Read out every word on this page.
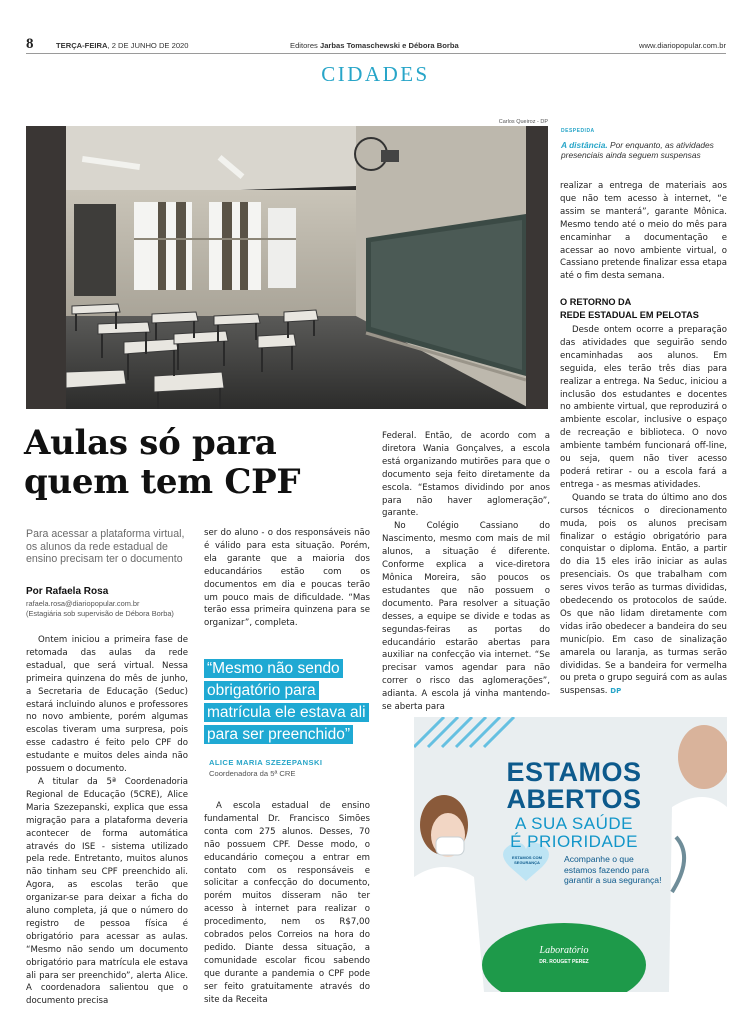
8	TERÇA-FEIRA, 2 DE JUNHO DE 2020	Editores Jarbas Tomaschewski e Débora Borba	www.diariopopular.com.br
CIDADES
Carlos Queiroz - DP
DESPEDIDA
A distância. Por enquanto, as atividades presenciais ainda seguem suspensas
Aulas só para
quem tem CPF
Para acessar a plataforma virtual, os alunos da rede estadual de ensino precisam ter o documento
Por Rafaela Rosa
rafaela.rosa@diariopopular.com.br
(Estagiária sob supervisão de Débora Borba)

Ontem iniciou a primeira fase de retomada das aulas da rede estadual, que será virtual. Nessa primeira quinzena do mês de junho, a Secretaria de Educação (Seduc) estará incluindo alunos e professores no novo ambiente, porém algumas escolas tiveram uma surpresa, pois esse cadastro é feito pelo CPF do estudante e muitos deles ainda não possuem o documento.

A titular da 5ª Coordenadoria Regional de Educação (5CRE), Alice Maria Szezepanski, explica que essa migração para a plataforma deveria acontecer de forma automática através do ISE - sistema utilizado pela rede. Entretanto, muitos alunos não tinham seu CPF preenchido ali. Agora, as escolas terão que organizar-se para deixar a ficha do aluno completa, já que o número do registro de pessoa física é obrigatório para acessar as aulas. “Mesmo não sendo um documento obrigatório para matrícula ele estava ali para ser preenchido”, alerta Alice. A coordenadora salientou que o documento precisa

ser do aluno - o dos responsáveis não é válido para esta situação. Porém, ela garante que a maioria dos educandários estão com os documentos em dia e poucas terão um pouco mais de dificuldade. “Mas terão essa primeira quinzena para se organizar”, completa.

“Mesmo não sendo obrigatório para matrícula ele estava ali para ser preenchido”
ALICE MARIA SZEZEPANSKI
Coordenadora da 5ª CRE

A escola estadual de ensino fundamental Dr. Francisco Simões conta com 275 alunos. Desses, 70 não possuem CPF. Desse modo, o educandário começou a entrar em contato com os responsáveis e solicitar a confecção do documento, porém muitos disseram não ter acesso à internet para realizar o procedimento, nem os R$7,00 cobrados pelos Correios na hora do pedido. Diante dessa situação, a comunidade escolar ficou sabendo que durante a pandemia o CPF pode ser feito gratuitamente através do site da Receita

Federal. Então, de acordo com a diretora Wania Gonçalves, a escola está organizando mutirões para que o documento seja feito diretamente da escola. “Estamos dividindo por anos para não haver aglomeração”, garante.

No Colégio Cassiano do Nascimento, mesmo com mais de mil alunos, a situação é diferente. Conforme explica a vice-diretora Mônica Moreira, são poucos os estudantes que não possuem o documento. Para resolver a situação desses, a equipe se divide e todas as segundas-feiras as portas do educandário estarão abertas para auxiliar na confecção via internet. “Se precisar vamos agendar para não correr o risco das aglomerações”, adianta. A escola já vinha mantendo-se aberta para

realizar a entrega de materiais aos que não tem acesso à internet, “e assim se manterá”, garante Mônica. Mesmo tendo até o meio do mês para encaminhar a documentação e acessar ao novo ambiente virtual, o Cassiano pretende finalizar essa etapa até o fim desta semana.

O RETORNO DA
REDE ESTADUAL EM PELOTAS

Desde ontem ocorre a preparação das atividades que seguirão sendo encaminhadas aos alunos. Em seguida, eles terão três dias para realizar a entrega. Na Seduc, iniciou a inclusão dos estudantes e docentes no ambiente virtual, que reproduzirá o ambiente escolar, inclusive o espaço de recreação e biblioteca. O novo ambiente também funcionará off-line, ou seja, quem não tiver acesso poderá retirar - ou a escola fará a entrega - as mesmas atividades.

Quando se trata do último ano dos cursos técnicos o direcionamento muda, pois os alunos precisam finalizar o estágio obrigatório para conquistar o diploma. Então, a partir do dia 15 eles irão iniciar as aulas presenciais. Os que trabalham com seres vivos terão as turmas divididas, obedecendo os protocolos de saúde. Os que não lidam diretamente com vidas irão obedecer a bandeira do seu município. Em caso de sinalização amarela ou laranja, as turmas serão divididas. Se a bandeira for vermelha ou preta o grupo seguirá com as aulas suspensas. DP

ESTAMOS
ABERTOS
A SUA SAÚDE
É PRIORIDADE
ESTAMOS COM SEGURANÇA	Acompanhe o que estamos fazendo para garantir a sua segurança!
Laboratório
DR. ROUGET PEREZ
